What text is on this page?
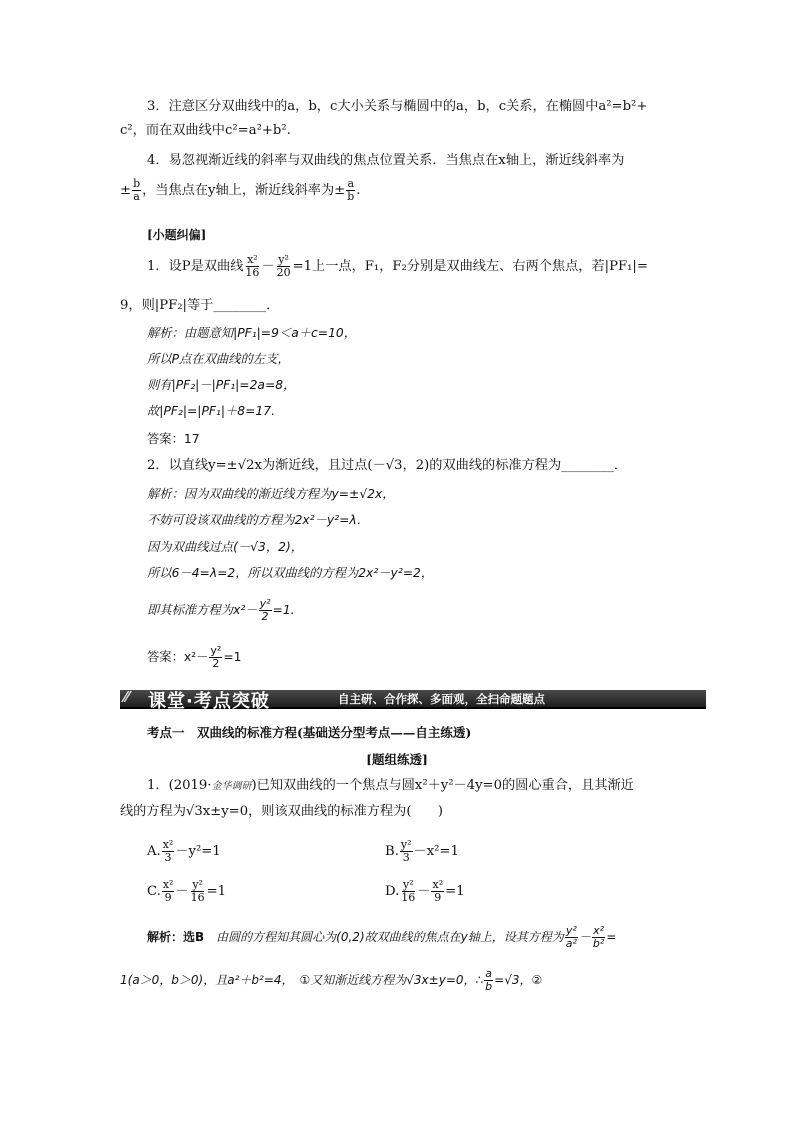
3．注意区分双曲线中的a，b，c大小关系与椭圆中的a，b，c关系，在椭圆中a²=b²+
c²，而在双曲线中c²=a²+b².
4．易忽视渐近线的斜率与双曲线的焦点位置关系．当焦点在x轴上，渐近线斜率为
± $\frac{b}{a}$ ，当焦点在y轴上，渐近线斜率为± $\frac{a}{b}$ .
[小题纠偏]
1．设P是双曲线 $\frac{\text{x²}}{16} - \frac{\text{y²}}{20} =1$上一点，F₁，F₂分别是双曲线左、右两个焦点，若|PF₁|=
9，则|PF₂|等于________．
解析：由题意知|PF₁|=9＜a＋c=10，
所以P点在双曲线的左支，
则有|PF₂|－|PF₁|=2a=8，
故|PF₂|=|PF₁|＋8=17.
答案：17
2．以直线y=±√2x为渐近线，且过点(－√3，2)的双曲线的标准方程为________．
解析：因为双曲线的渐近线方程为y=±√2x，
不妨可设该双曲线的方程为2x²－y²=λ．
因为双曲线过点(－√3，2)，
所以6－4=λ=2，所以双曲线的方程为2x²－y²=2，
即其标准方程为$x^2- \frac{\text{y²}}{2} =1$.
答案：$x^2- \frac{\text{y²}}{2} =1$
⁄⁄ 课堂·考点突破	自主研、合作探、多面观，全扫命题题点
考点一　双曲线的标准方程(基础送分型考点——自主练透)
[题组练透]
1．(2019·金华调研)已知双曲线的一个焦点与圆x²＋y²－4y=0的圆心重合，且其渐近
线的方程为√3x±y=0，则该双曲线的标准方程为(　　)
A. $\frac{\text{x²}}{3} -y^2=1$	B. $\frac{\text{y²}}{3} -x^2=1$
C. $\frac{\text{x²}}{9} - \frac{\text{y²}}{16} =1$	D. $\frac{\text{y²}}{16} - \frac{\text{x²}}{9} =1$
解析：选B　 由圆的方程知其圆心为(0,2)故双曲线的焦点在y轴上，设其方程为 $\frac{\text{y²}}{\text{a²}} - \frac{\text{x²}}{\text{b²}}$ =
1(a＞0，b＞0)，且a²＋b²=4，　①又知渐近线方程为√3x±y=0，∴ $\frac{a}{b} =√3$，②
